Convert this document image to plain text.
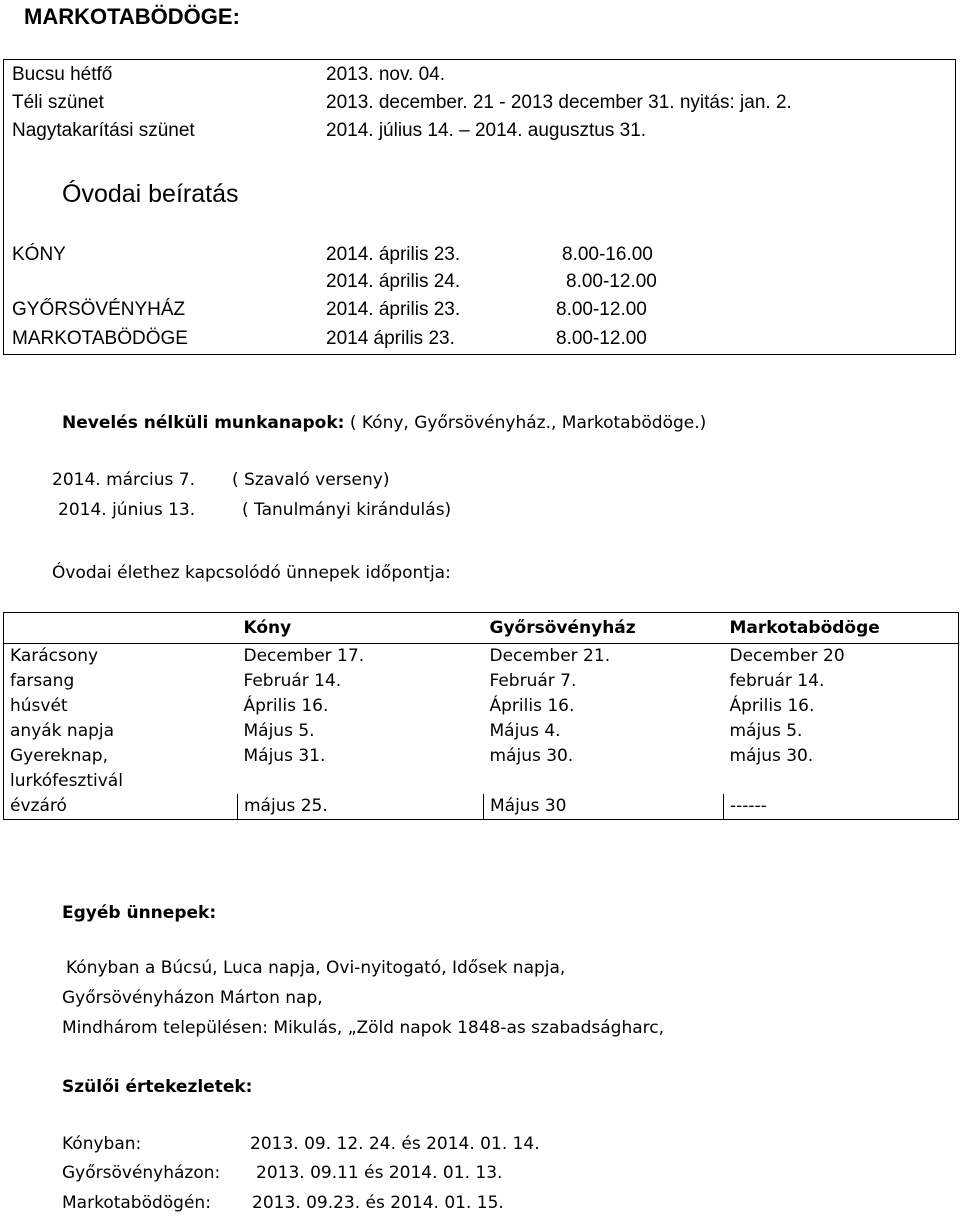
MARKOTABÖDÖGE:
Bucsu hétfő	2013. nov. 04.
Téli szünet	2013. december. 21 - 2013 december 31. nyitás: jan. 2.
Nagytakarítási szünet	2014. július 14. – 2014. augusztus 31.
Óvodai beíratás
KÓNY	2014. április 23.	8.00-16.00
2014. április 24.	8.00-12.00
GYŐRSÖVÉNYHÁZ	2014. április 23.	8.00-12.00
MARKOTABÖDÖGE	2014 április 23.	8.00-12.00
Nevelés nélküli munkanapok: ( Kóny, Győrsövényház., Markotabödöge.)
2014. március 7. ( Szavaló verseny)
2014. június 13.	( Tanulmányi kirándulás)
Óvodai élethez kapcsolódó ünnepek időpontja:
	Kóny	Győrsövényház	Markotabödöge
Karácsony	December 17.	December 21.	December 20
farsang	Február 14.	Február 7.	február 14.
húsvét	Április 16.	Április 16.	Április 16.
anyák napja	Május 5.	Május 4.	május 5.

Gyereknap,
lurkófesztivál	Május 31.	május 30.	május 30.
évzáró	május 25.	Május 30	------
Egyéb ünnepek:
Kónyban a Búcsú, Luca napja, Ovi-nyitogató, Idősek napja,
Győrsövényházon Márton nap,
Mindhárom településen: Mikulás, „Zöld napok 1848-as szabadságharc,
Szülői értekezletek:
Kónyban:	2013. 09. 12. 24. és 2014. 01. 14.
Győrsövényházon: 2013. 09.11 és 2014. 01. 13.
Markotabödögén: 2013. 09.23. és 2014. 01. 15.
